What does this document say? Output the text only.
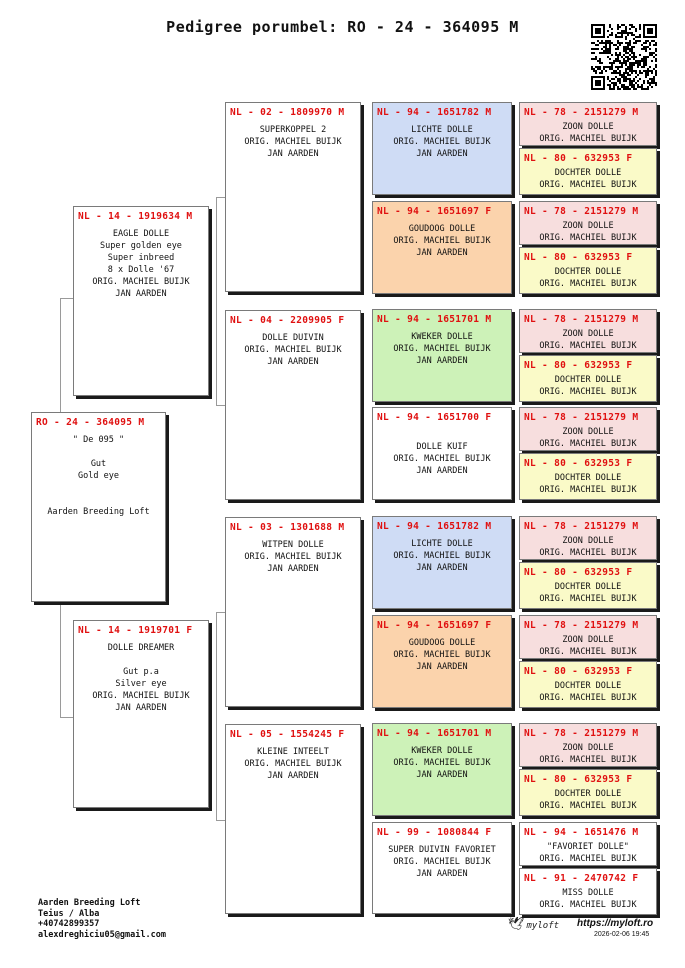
Pedigree porumbel: RO - 24 - 364095 M
RO - 24 - 364095 M
" De 095 "

Gut
Gold eye

Aarden Breeding Loft
NL - 14 - 1919634 M
EAGLE DOLLE
Super golden eye
Super inbreed
8 x Dolle '67
ORIG. MACHIEL BUIJK
JAN AARDEN
NL - 14 - 1919701 F
DOLLE DREAMER

Gut p.a
Silver eye
ORIG. MACHIEL BUIJK
JAN AARDEN
NL - 02 - 1809970 M
SUPERKOPPEL 2
ORIG. MACHIEL BUIJK
JAN AARDEN
NL - 04 - 2209905 F
DOLLE DUIVIN
ORIG. MACHIEL BUIJK
JAN AARDEN
NL - 03 - 1301688 M
WITPEN DOLLE
ORIG. MACHIEL BUIJK
JAN AARDEN
NL - 05 - 1554245 F
KLEINE INTEELT
ORIG. MACHIEL BUIJK
JAN AARDEN
NL - 94 - 1651782 M
LICHTE DOLLE
ORIG. MACHIEL BUIJK
JAN AARDEN
NL - 94 - 1651697 F
GOUDOOG DOLLE
ORIG. MACHIEL BUIJK
JAN AARDEN
NL - 94 - 1651701 M
KWEKER DOLLE
ORIG. MACHIEL BUIJK
JAN AARDEN
NL - 94 - 1651700 F

DOLLE KUIF
ORIG. MACHIEL BUIJK
JAN AARDEN
NL - 94 - 1651782 M
LICHTE DOLLE
ORIG. MACHIEL BUIJK
JAN AARDEN
NL - 94 - 1651697 F
GOUDOOG DOLLE
ORIG. MACHIEL BUIJK
JAN AARDEN
NL - 94 - 1651701 M
KWEKER DOLLE
ORIG. MACHIEL BUIJK
JAN AARDEN
NL - 99 - 1080844 F
SUPER DUIVIN FAVORIET
ORIG. MACHIEL BUIJK
JAN AARDEN
NL - 78 - 2151279 M
ZOON DOLLE
ORIG. MACHIEL BUIJK
NL - 80 - 632953 F
DOCHTER DOLLE
ORIG. MACHIEL BUIJK
NL - 78 - 2151279 M
ZOON DOLLE
ORIG. MACHIEL BUIJK
NL - 80 - 632953 F
DOCHTER DOLLE
ORIG. MACHIEL BUIJK
NL - 78 - 2151279 M
ZOON DOLLE
ORIG. MACHIEL BUIJK
NL - 80 - 632953 F
DOCHTER DOLLE
ORIG. MACHIEL BUIJK
NL - 78 - 2151279 M
ZOON DOLLE
ORIG. MACHIEL BUIJK
NL - 80 - 632953 F
DOCHTER DOLLE
ORIG. MACHIEL BUIJK
NL - 78 - 2151279 M
ZOON DOLLE
ORIG. MACHIEL BUIJK
NL - 80 - 632953 F
DOCHTER DOLLE
ORIG. MACHIEL BUIJK
NL - 78 - 2151279 M
ZOON DOLLE
ORIG. MACHIEL BUIJK
NL - 80 - 632953 F
DOCHTER DOLLE
ORIG. MACHIEL BUIJK
NL - 78 - 2151279 M
ZOON DOLLE
ORIG. MACHIEL BUIJK
NL - 80 - 632953 F
DOCHTER DOLLE
ORIG. MACHIEL BUIJK
NL - 94 - 1651476 M
"FAVORIET DOLLE"
ORIG. MACHIEL BUIJK
NL - 91 - 2470742 F
MISS DOLLE
ORIG. MACHIEL BUIJK
Aarden Breeding Loft
Teius / Alba
+40742899357
alexdreghiciu05@gmail.com
🕊 myloft https://myloft.ro
2026-02-06 19:45
